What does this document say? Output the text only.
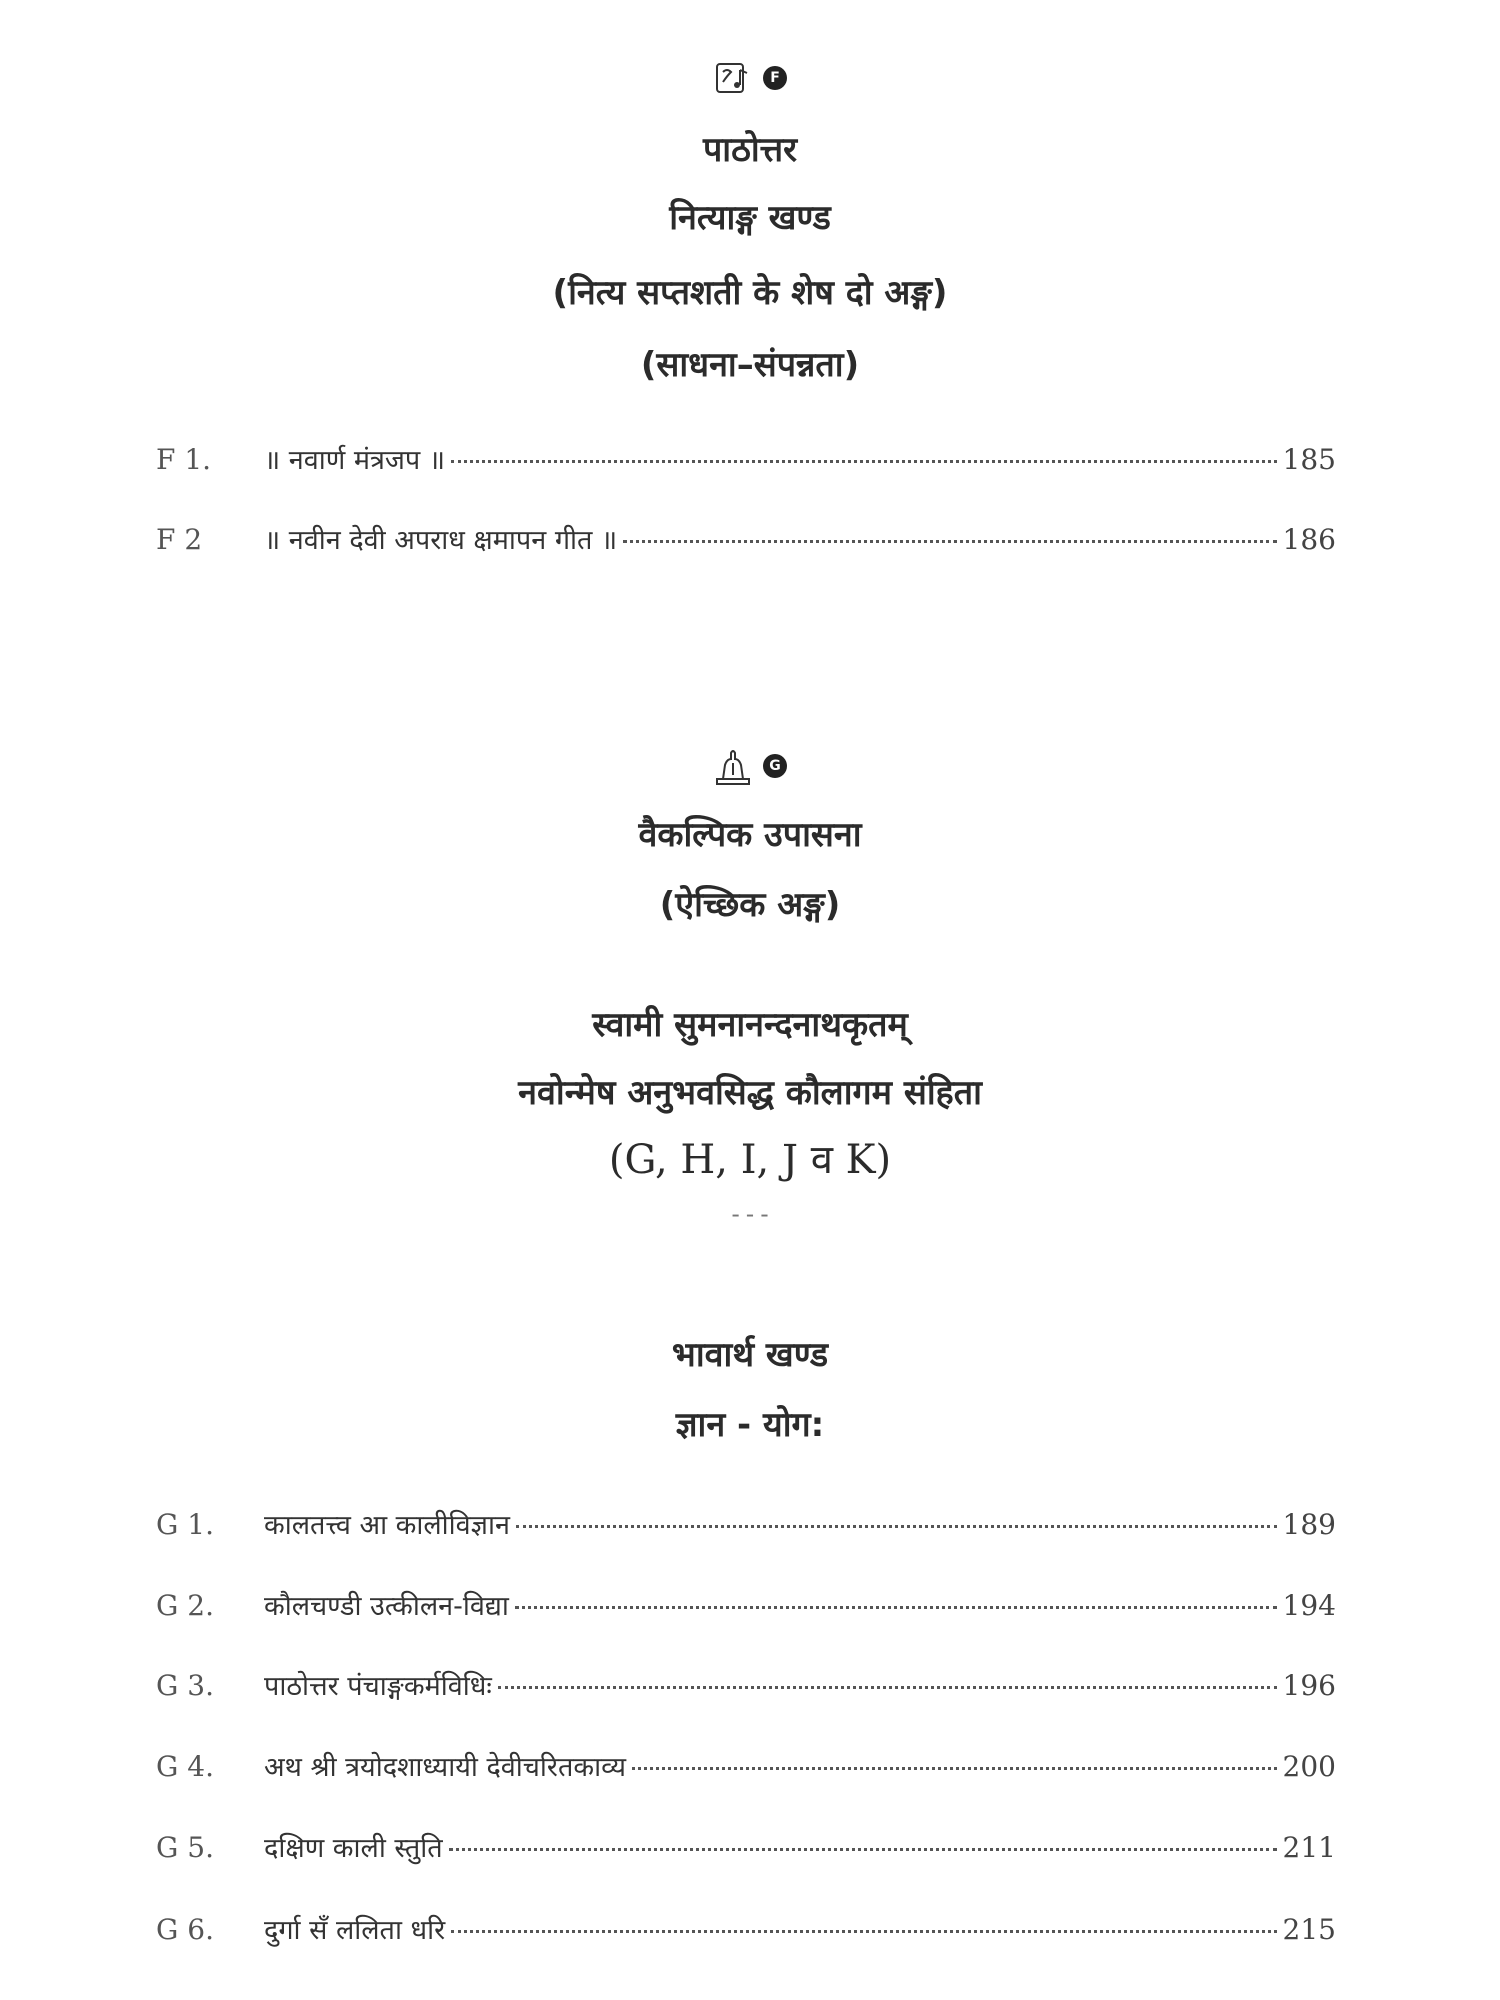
F
पाठोत्तर
नित्याङ्ग खण्ड
(नित्य सप्तशती के शेष दो अङ्ग)
(साधना–संपन्नता)
F 1.	॥ नवार्ण मंत्रजप ॥	185
F 2	॥ नवीन देवी अपराध क्षमापन गीत ॥	186
G
वैकल्पिक उपासना
(ऐच्छिक अङ्ग)
स्वामी सुमनानन्दनाथकृतम्
नवोन्मेष अनुभवसिद्ध कौलागम संहिता
(G, H, I, J व K)
---
भावार्थ खण्ड
ज्ञान - योग:
G 1.	कालतत्त्व आ कालीविज्ञान	189
G 2.	कौलचण्डी उत्कीलन-विद्या	194
G 3.	पाठोत्तर पंचाङ्गकर्मविधिः	196
G 4.	अथ श्री त्रयोदशाध्यायी देवीचरितकाव्य	200
G 5.	दक्षिण काली स्तुति	211
G 6.	दुर्गा सँ ललिता धरि	215
